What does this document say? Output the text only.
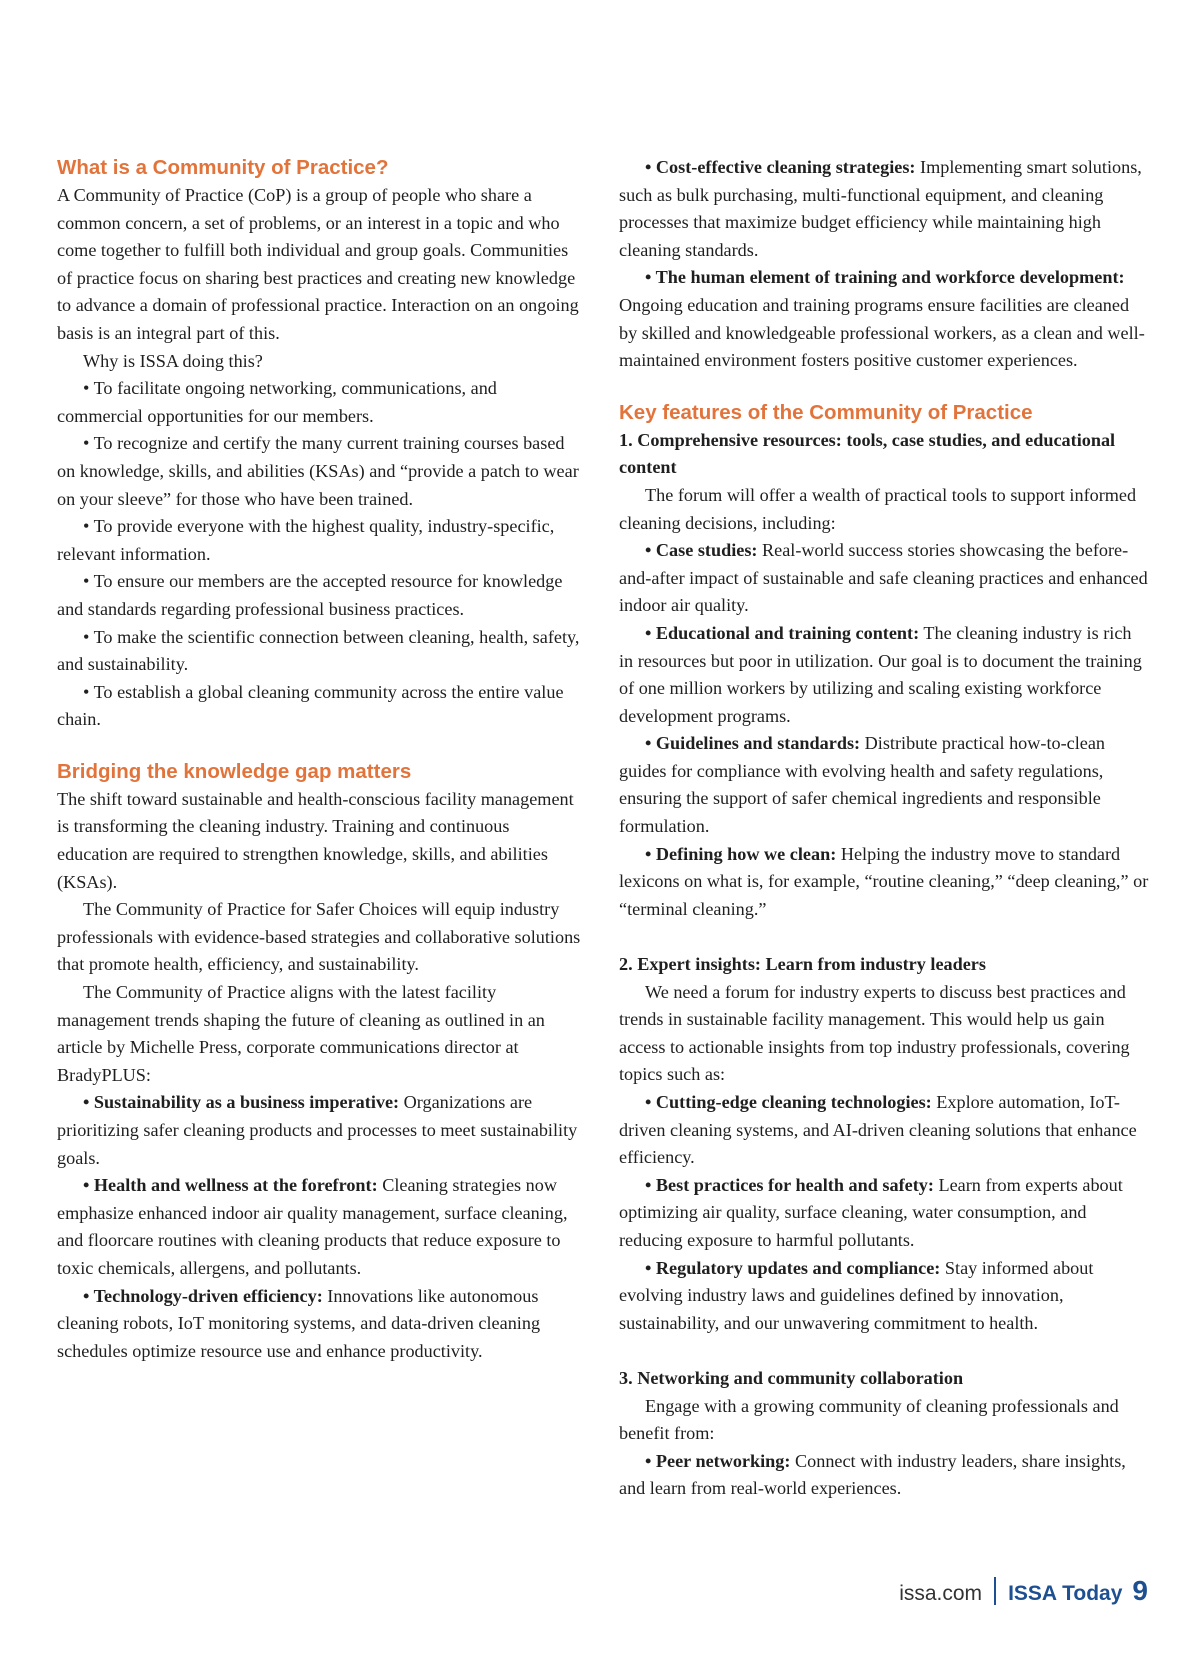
What is a Community of Practice?

A Community of Practice (CoP) is a group of people who share a common concern, a set of problems, or an interest in a topic and who come together to fulfill both individual and group goals. Communities of practice focus on sharing best practices and creating new knowledge to advance a domain of professional practice. Interaction on an ongoing basis is an integral part of this.

Why is ISSA doing this?

• To facilitate ongoing networking, communications, and commercial opportunities for our members.

• To recognize and certify the many current training courses based on knowledge, skills, and abilities (KSAs) and “provide a patch to wear on your sleeve” for those who have been trained.

• To provide everyone with the highest quality, industry-specific, relevant information.

• To ensure our members are the accepted resource for knowledge and standards regarding professional business practices.

• To make the scientific connection between cleaning, health, safety, and sustainability.

• To establish a global cleaning community across the entire value chain.

Bridging the knowledge gap matters

The shift toward sustainable and health-conscious facility management is transforming the cleaning industry. Training and continuous education are required to strengthen knowledge, skills, and abilities (KSAs).

The Community of Practice for Safer Choices will equip industry professionals with evidence-based strategies and collaborative solutions that promote health, efficiency, and sustainability.

The Community of Practice aligns with the latest facility management trends shaping the future of cleaning as outlined in an article by Michelle Press, corporate communications director at BradyPLUS:

• Sustainability as a business imperative: Organizations are prioritizing safer cleaning products and processes to meet sustainability goals.

• Health and wellness at the forefront: Cleaning strategies now emphasize enhanced indoor air quality management, surface cleaning, and floorcare routines with cleaning products that reduce exposure to toxic chemicals, allergens, and pollutants.

• Technology-driven efficiency: Innovations like autonomous cleaning robots, IoT monitoring systems, and data-driven cleaning schedules optimize resource use and enhance productivity.

• Cost-effective cleaning strategies: Implementing smart solutions, such as bulk purchasing, multi-functional equipment, and cleaning processes that maximize budget efficiency while maintaining high cleaning standards.

• The human element of training and workforce development: Ongoing education and training programs ensure facilities are cleaned by skilled and knowledgeable professional workers, as a clean and well-maintained environment fosters positive customer experiences.

Key features of the Community of Practice

1. Comprehensive resources: tools, case studies, and educational content

The forum will offer a wealth of practical tools to support informed cleaning decisions, including:

• Case studies: Real-world success stories showcasing the before-and-after impact of sustainable and safe cleaning practices and enhanced indoor air quality.

• Educational and training content: The cleaning industry is rich in resources but poor in utilization. Our goal is to document the training of one million workers by utilizing and scaling existing workforce development programs.

• Guidelines and standards: Distribute practical how-to-clean guides for compliance with evolving health and safety regulations, ensuring the support of safer chemical ingredients and responsible formulation.

• Defining how we clean: Helping the industry move to standard lexicons on what is, for example, “routine cleaning,” “deep cleaning,” or “terminal cleaning.”

2. Expert insights: Learn from industry leaders

We need a forum for industry experts to discuss best practices and trends in sustainable facility management. This would help us gain access to actionable insights from top industry professionals, covering topics such as:

• Cutting-edge cleaning technologies: Explore automation, IoT-driven cleaning systems, and AI-driven cleaning solutions that enhance efficiency.

• Best practices for health and safety: Learn from experts about optimizing air quality, surface cleaning, water consumption, and reducing exposure to harmful pollutants.

• Regulatory updates and compliance: Stay informed about evolving industry laws and guidelines defined by innovation, sustainability, and our unwavering commitment to health.

3. Networking and community collaboration

Engage with a growing community of cleaning professionals and benefit from:

• Peer networking: Connect with industry leaders, share insights, and learn from real-world experiences.

issa.com ISSA Today 9
